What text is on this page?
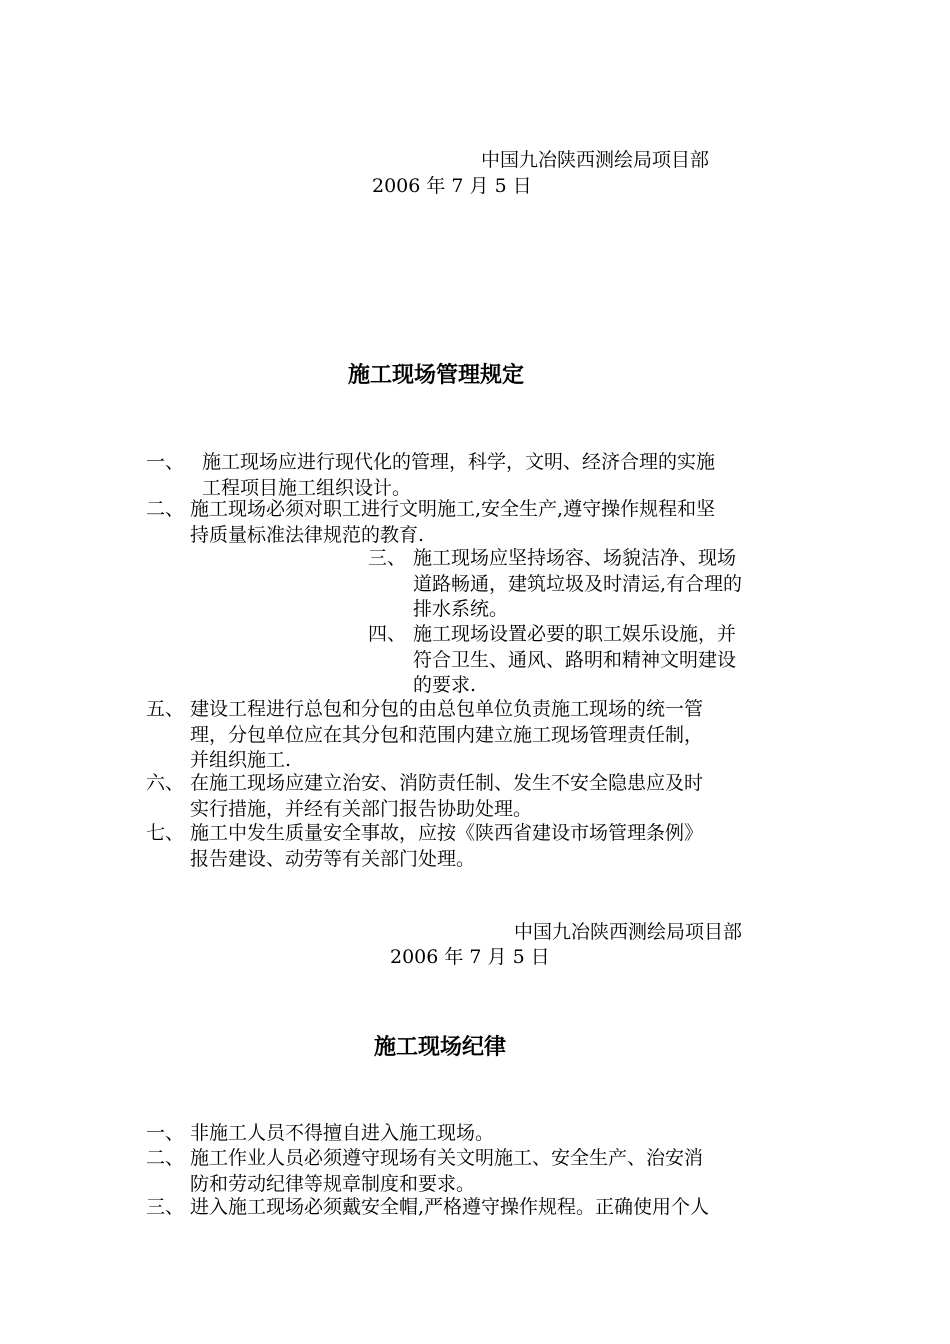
中国九冶陕西测绘局项目部
2006 年 7 月 5 日
施工现场管理规定
一、 施工现场应进行现代化的管理，科学，文明、经济合理的实施
工程项目施工组织设计。
二、 施工现场必须对职工进行文明施工,安全生产,遵守操作规程和坚
持质量标准法律规范的教育.
三、 施工现场应坚持场容、场貌洁净、现场
道路畅通，建筑垃圾及时清运,有合理的
排水系统。
四、 施工现场设置必要的职工娱乐设施，并
符合卫生、通风、路明和精神文明建设
的要求.
五、 建设工程进行总包和分包的由总包单位负责施工现场的统一管
理，分包单位应在其分包和范围内建立施工现场管理责任制，
并组织施工.
六、 在施工现场应建立治安、消防责任制、发生不安全隐患应及时
实行措施，并经有关部门报告协助处理。
七、 施工中发生质量安全事故，应按《陕西省建设市场管理条例》
报告建设、动劳等有关部门处理。
中国九冶陕西测绘局项目部
2006 年 7 月 5 日
施工现场纪律
一、 非施工人员不得擅自进入施工现场。
二、 施工作业人员必须遵守现场有关文明施工、安全生产、治安消
防和劳动纪律等规章制度和要求。
三、 进入施工现场必须戴安全帽,严格遵守操作规程。正确使用个人
